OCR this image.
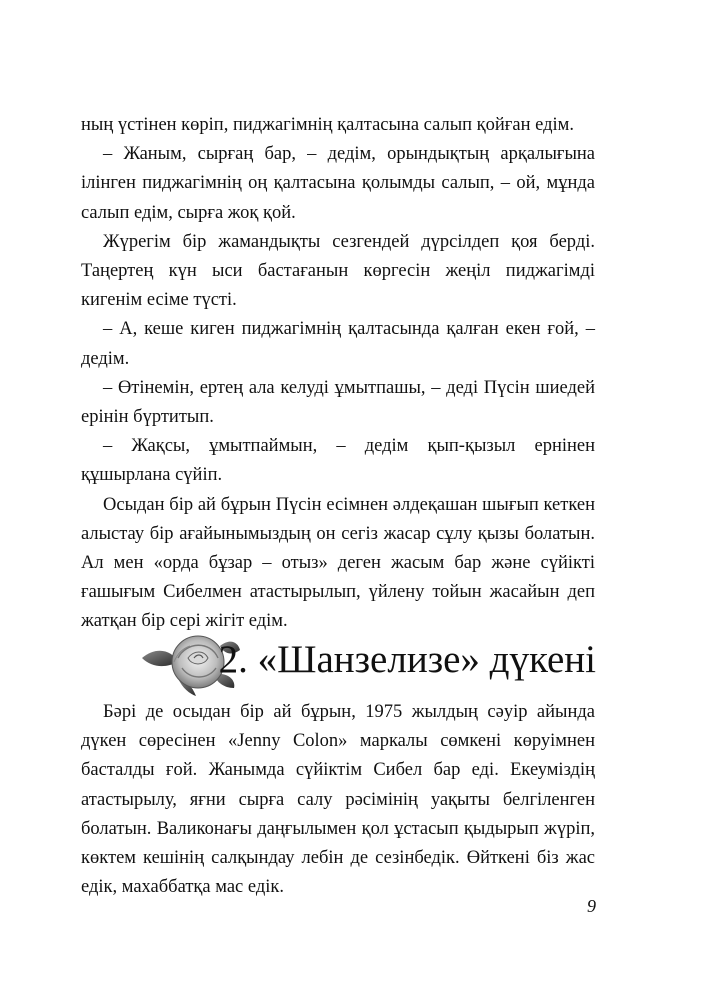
ның үстінен көріп, пиджагімнің қалтасына салып қойған едім.

– Жаным, сырғаң бар, – дедім, орындықтың арқалығына ілінген пиджагімнің оң қалтасына қолымды салып, – ой, мұнда салып едім, сырға жоқ қой.

Жүрегім бір жамандықты сезгендей дүрсілдеп қоя берді. Таңертең күн ыси бастағанын көргесін жеңіл пиджагімді кигенім есіме түсті.

– А, кеше киген пиджагімнің қалтасында қалған екен ғой, – дедім.

– Өтінемін, ертең ала келуді ұмытпашы, – деді Пүсін шиедей ерінін бүртитып.

– Жақсы, ұмытпаймын, – дедім қып-қызыл ернінен құшырлана сүйіп.

Осыдан бір ай бұрын Пүсін есімнен әлдеқашан шығып кеткен алыстау бір ағайынымыздың он сегіз жасар сұлу қызы болатын. Ал мен «орда бұзар – отыз» деген жасым бар және сүйікті ғашығым Сибелмен атастырылып, үйлену тойын жасайын деп жатқан бір сері жігіт едім.

2. «Шанзелизе» дүкені

Бәрі де осыдан бір ай бұрын, 1975 жылдың сәуір айында дүкен сөресінен «Jenny Colon» маркалы сөмкені көруімнен басталды ғой. Жанымда сүйіктім Сибел бар еді. Екеуміздің атастырылу, яғни сырға салу рәсімінің уақыты белгіленген болатын. Валиконағы даңғылымен қол ұстасып қыдырып жүріп, көктем кешінің салқындау лебін де сезінбедік. Өйткені біз жас едік, махаббатқа мас едік.

9
